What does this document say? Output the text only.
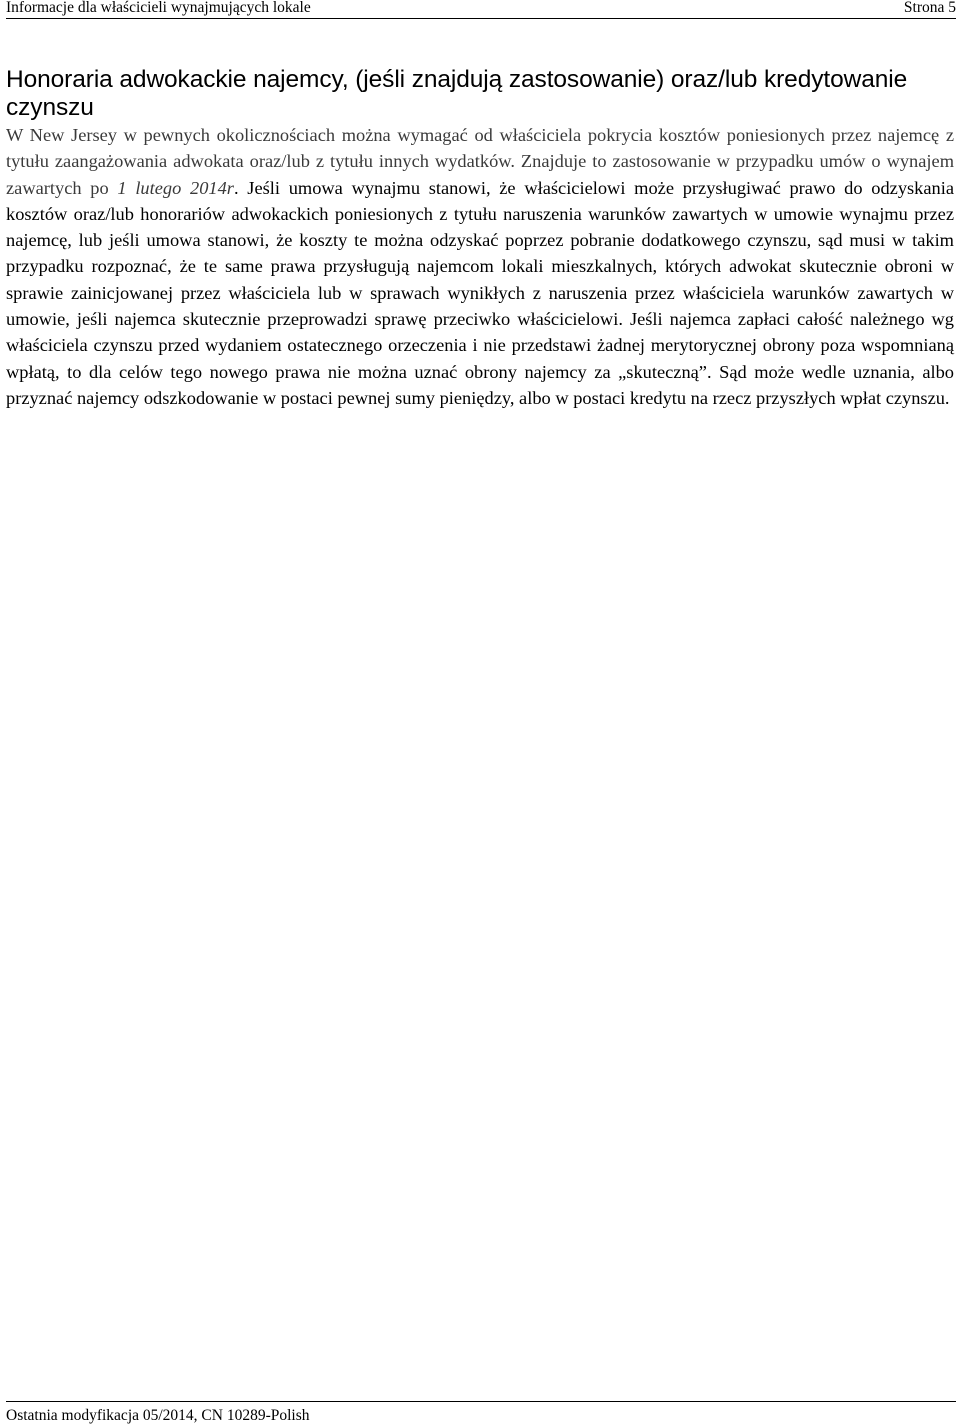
Informacje dla właścicieli wynajmujących lokale	Strona 5
Honoraria adwokackie najemcy, (jeśli znajdują zastosowanie) oraz/lub kredytowanie czynszu

W New Jersey w pewnych okolicznościach można wymagać od właściciela pokrycia kosztów poniesionych przez najemcę z tytułu zaangażowania adwokata oraz/lub z tytułu innych wydatków. Znajduje to zastosowanie w przypadku umów o wynajem zawartych po 1 lutego 2014r. Jeśli umowa wynajmu stanowi, że właścicielowi może przysługiwać prawo do odzyskania kosztów oraz/lub honorariów adwokackich poniesionych z tytułu naruszenia warunków zawartych w umowie wynajmu przez najemcę, lub jeśli umowa stanowi, że koszty te można odzyskać poprzez pobranie dodatkowego czynszu, sąd musi w takim przypadku rozpoznać, że te same prawa przysługują najemcom lokali mieszkalnych, których adwokat skutecznie obroni w sprawie zainicjowanej przez właściciela lub w sprawach wynikłych z naruszenia przez właściciela warunków zawartych w umowie, jeśli najemca skutecznie przeprowadzi sprawę przeciwko właścicielowi. Jeśli najemca zapłaci całość należnego wg właściciela czynszu przed wydaniem ostatecznego orzeczenia i nie przedstawi żadnej merytorycznej obrony poza wspomnianą wpłatą, to dla celów tego nowego prawa nie można uznać obrony najemcy za „skuteczną”. Sąd może wedle uznania, albo przyznać najemcy odszkodowanie w postaci pewnej sumy pieniędzy, albo w postaci kredytu na rzecz przyszłych wpłat czynszu.

Ostatnia modyfikacja 05/2014, CN 10289-Polish
